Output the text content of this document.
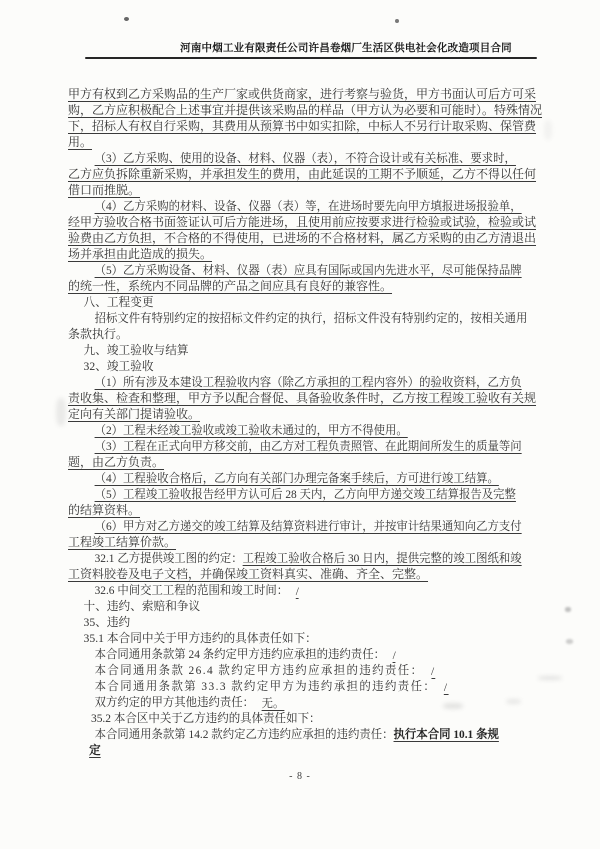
河南中烟工业有限责任公司许昌卷烟厂生活区供电社会化改造项目合同
甲方有权到乙方采购品的生产厂家或供货商家，进行考察与验货，甲方书面认可后方可采
购，乙方应积极配合上述事宜并提供该采购品的样品（甲方认为必要和可能时）。特殊情况
下，招标人有权自行采购，其费用从预算书中如实扣除，中标人不另行计取采购、保管费
用。
（3）乙方采购、使用的设备、材料、仪器（表），不符合设计或有关标准、要求时，
乙方应负拆除重新采购，并承担发生的费用，由此延误的工期不予顺延，乙方不得以任何
借口而推脱。
（4）乙方采购的材料、设备、仪器（表）等，在进场时要先向甲方填报进场报验单，
经甲方验收合格书面签证认可后方能进场，且使用前应按要求进行检验或试验，检验或试
验费由乙方负担，不合格的不得使用，已进场的不合格材料，属乙方采购的由乙方清退出
场并承担由此造成的损失。
（5）乙方采购设备、材料、仪器（表）应具有国际或国内先进水平，尽可能保持品牌
的统一性，系统内不同品牌的产品之间应具有良好的兼容性。
八、工程变更
招标文件有特别约定的按招标文件约定的执行，招标文件没有特别约定的，按相关通用
条款执行。
九、竣工验收与结算
32、竣工验收
（1）所有涉及本建设工程验收内容（除乙方承担的工程内容外）的验收资料，乙方负
责收集、检查和整理，甲方予以配合督促、具备验收条件时，乙方按工程竣工验收有关规
定向有关部门提请验收。
（2）工程未经竣工验收或竣工验收未通过的，甲方不得使用。
（3）工程在正式向甲方移交前，由乙方对工程负责照管、在此期间所发生的质量等问
题，由乙方负责。
（4）工程验收合格后，乙方向有关部门办理完备案手续后，方可进行竣工结算。
（5）工程竣工验收报告经甲方认可后 28 天内，乙方向甲方递交竣工结算报告及完整
的结算资料。
（6）甲方对乙方递交的竣工结算及结算资料进行审计，并按审计结果通知向乙方支付
工程竣工结算价款。
32.1 乙方提供竣工图的约定：工程竣工验收合格后 30 日内，提供完整的竣工图纸和竣
工资料胶卷及电子文档，并确保竣工资料真实、准确、齐全、完整。
32.6 中间交工工程的范围和竣工时间： /
十、违约、索赔和争议
35、违约
35.1 本合同中关于甲方违约的具体责任如下：
本合同通用条款第 24 条约定甲方违约应承担的违约责任： /
本合同通用条款 26.4 款约定甲方违约应承担的违约责任： /
本合同通用条款第 33.3 款约定甲方为违约承担的违约责任： /
双方约定的甲方其他违约责任： 无。
35.2 本合区中关于乙方违约的具体责任如下：
本合同通用条款第 14.2 款约定乙方违约应承担的违约责任：执行本合同 10.1 条规
定
- 8 -
